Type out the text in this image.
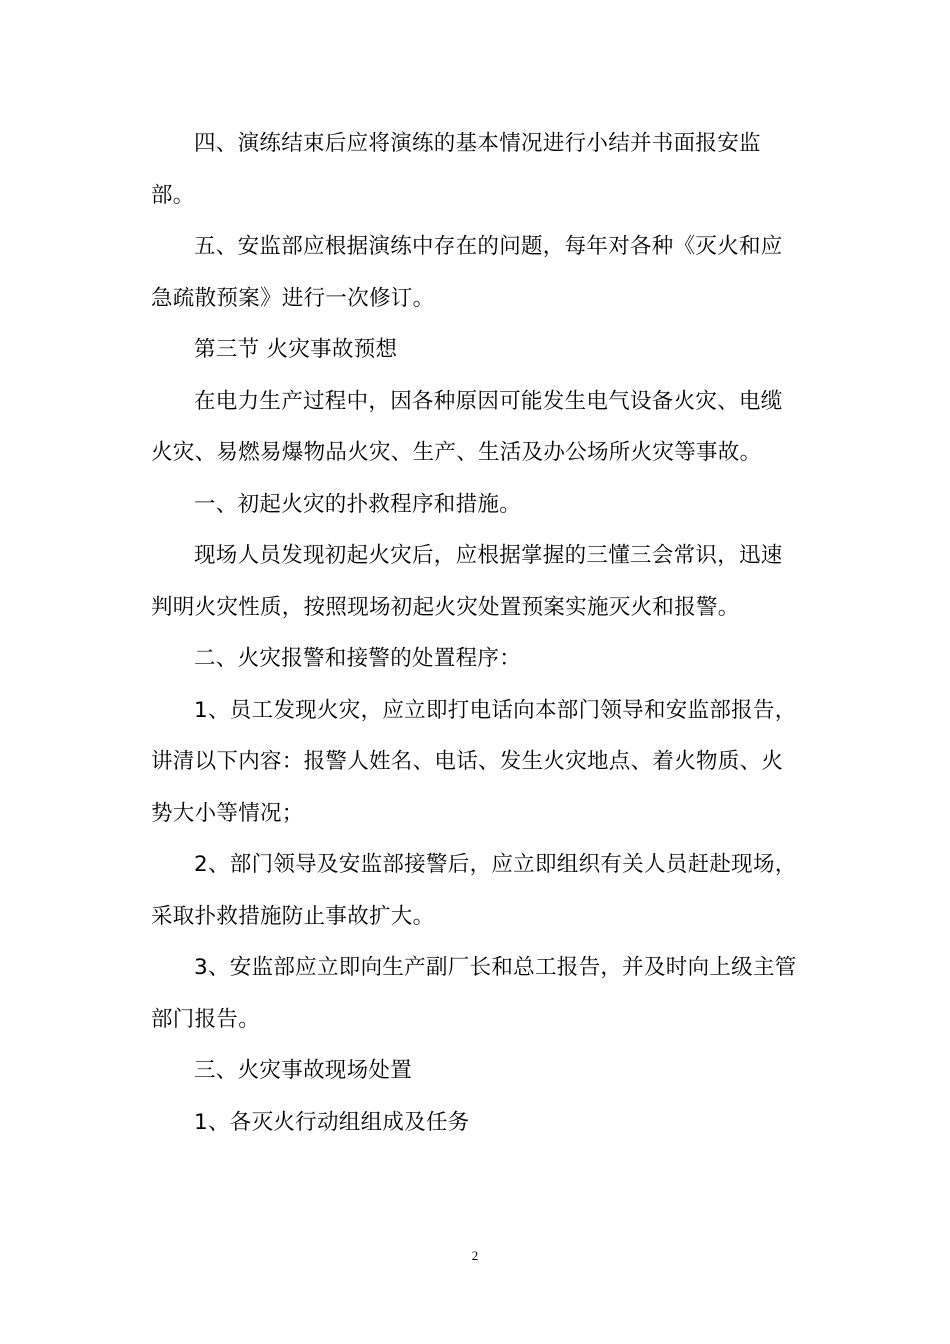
四、演练结束后应将演练的基本情况进行小结并书面报安监部。

五、安监部应根据演练中存在的问题，每年对各种《灭火和应急疏散预案》进行一次修订。

第三节 火灾事故预想

在电力生产过程中，因各种原因可能发生电气设备火灾、电缆火灾、易燃易爆物品火灾、生产、生活及办公场所火灾等事故。

一、初起火灾的扑救程序和措施。

现场人员发现初起火灾后，应根据掌握的三懂三会常识，迅速判明火灾性质，按照现场初起火灾处置预案实施灭火和报警。

二、火灾报警和接警的处置程序：

1、员工发现火灾，应立即打电话向本部门领导和安监部报告，讲清以下内容：报警人姓名、电话、发生火灾地点、着火物质、火势大小等情况；

2、部门领导及安监部接警后，应立即组织有关人员赶赴现场，采取扑救措施防止事故扩大。

3、安监部应立即向生产副厂长和总工报告，并及时向上级主管部门报告。

三、火灾事故现场处置

1、各灭火行动组组成及任务

2
